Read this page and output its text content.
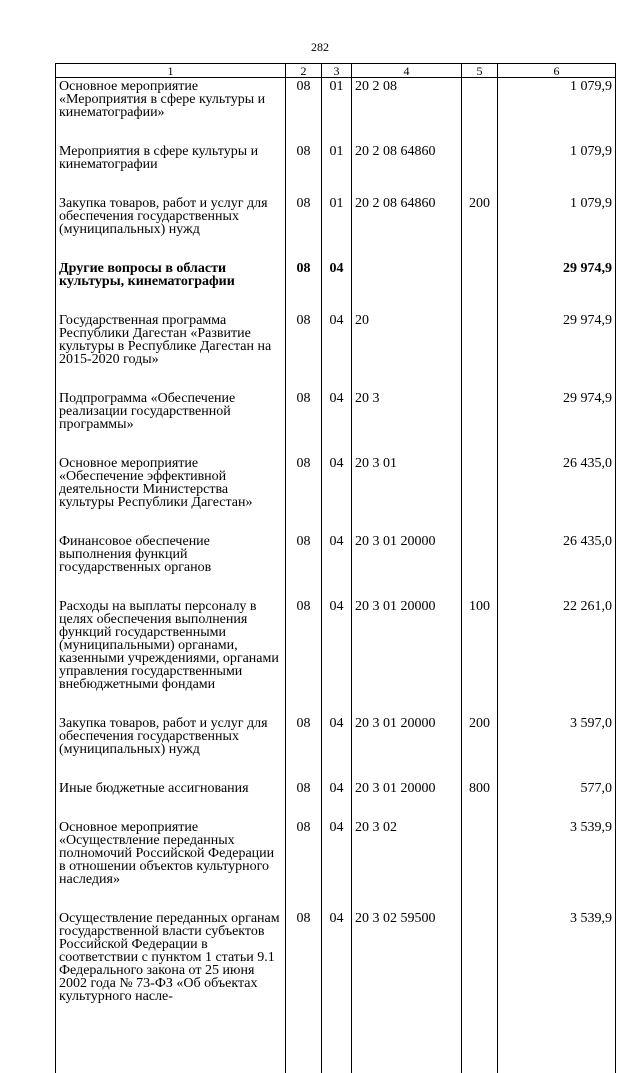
282
1	2	3	4	5	6
Основное мероприятие «Мероприятия в сфере культуры и кинематографии»	08	01	20 2 08		1 079,9
Мероприятия в сфере культуры и кинематографии	08	01	20 2 08 64860		1 079,9
Закупка товаров, работ и услуг для обеспечения государственных (муниципальных) нужд	08	01	20 2 08 64860	200	1 079,9
Другие вопросы в области культуры, кинематографии	08	04			29 974,9
Государственная программа Республики Дагестан «Развитие культуры в Республике Дагестан на 2015-2020 годы»	08	04	20		29 974,9
Подпрограмма «Обеспечение реализации государственной программы»	08	04	20 3		29 974,9
Основное мероприятие «Обеспечение эффективной деятельности Министерства культуры Республики Дагестан»	08	04	20 3 01		26 435,0
Финансовое обеспечение выполнения функций государственных органов	08	04	20 3 01 20000		26 435,0
Расходы на выплаты персоналу в целях обеспечения выполнения функций государственными (муниципальными) органами, казенными учреждениями, органами управления государственными внебюджетными фондами	08	04	20 3 01 20000	100	22 261,0
Закупка товаров, работ и услуг для обеспечения государственных (муниципальных) нужд	08	04	20 3 01 20000	200	3 597,0
Иные бюджетные ассигнования	08	04	20 3 01 20000	800	577,0
Основное мероприятие «Осуществление переданных полномочий Российской Федерации в отношении объектов культурного наследия»	08	04	20 3 02		3 539,9
Осуществление переданных органам государственной власти субъектов Российской Федерации в соответствии с пунктом 1 статьи 9.1 Федерального закона от 25 июня 2002 года № 73-ФЗ «Об объектах культурного насле-	08	04	20 3 02 59500		3 539,9
